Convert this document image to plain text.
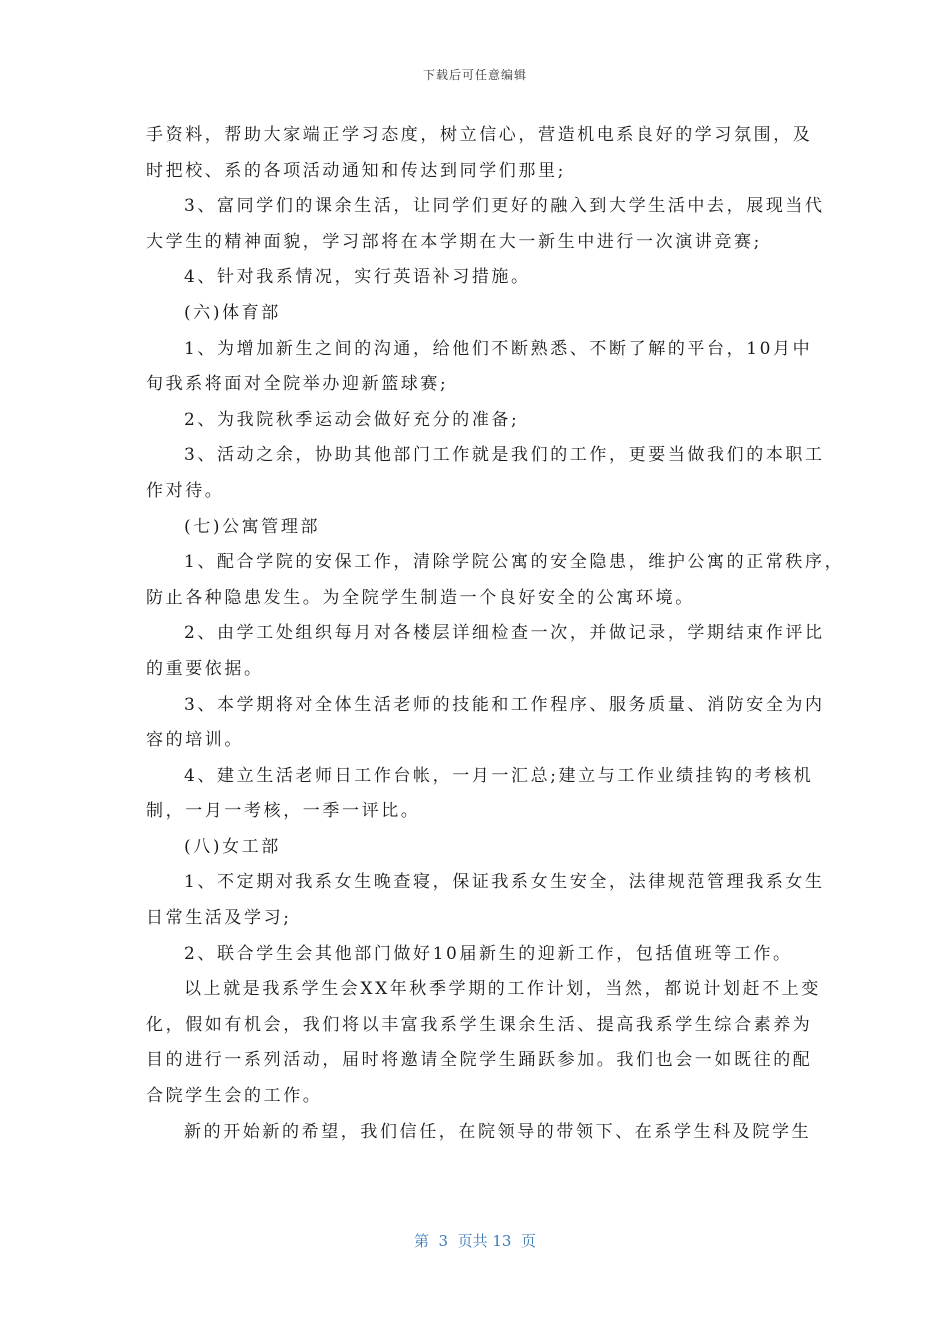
下载后可任意编辑
手资料，帮助大家端正学习态度，树立信心，营造机电系良好的学习氛围，及
时把校、系的各项活动通知和传达到同学们那里;
3、富同学们的课余生活，让同学们更好的融入到大学生活中去，展现当代
大学生的精神面貌，学习部将在本学期在大一新生中进行一次演讲竞赛;
4、针对我系情况，实行英语补习措施。
(六)体育部
1、为增加新生之间的沟通，给他们不断熟悉、不断了解的平台，10月中
旬我系将面对全院举办迎新篮球赛;
2、为我院秋季运动会做好充分的准备;
3、活动之余，协助其他部门工作就是我们的工作，更要当做我们的本职工
作对待。
(七)公寓管理部
1、配合学院的安保工作，清除学院公寓的安全隐患，维护公寓的正常秩序，
防止各种隐患发生。为全院学生制造一个良好安全的公寓环境。
2、由学工处组织每月对各楼层详细检查一次，并做记录，学期结束作评比
的重要依据。
3、本学期将对全体生活老师的技能和工作程序、服务质量、消防安全为内
容的培训。
4、建立生活老师日工作台帐，一月一汇总;建立与工作业绩挂钩的考核机
制，一月一考核，一季一评比。
(八)女工部
1、不定期对我系女生晚查寝，保证我系女生安全，法律规范管理我系女生
日常生活及学习;
2、联合学生会其他部门做好10届新生的迎新工作，包括值班等工作。
以上就是我系学生会XX年秋季学期的工作计划，当然，都说计划赶不上变
化，假如有机会，我们将以丰富我系学生课余生活、提高我系学生综合素养为
目的进行一系列活动，届时将邀请全院学生踊跃参加。我们也会一如既往的配
合院学生会的工作。
新的开始新的希望，我们信任，在院领导的带领下、在系学生科及院学生
第  3  页共 13  页
